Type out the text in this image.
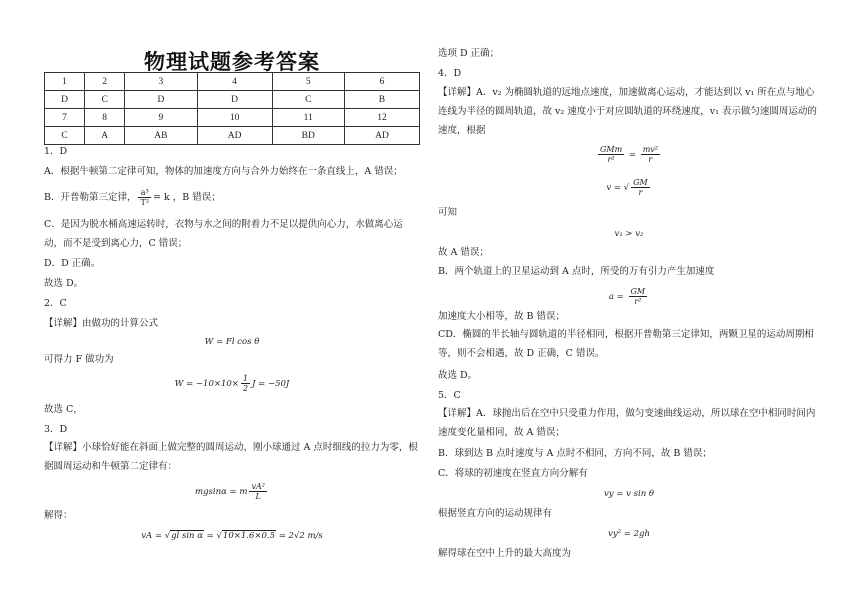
物理试题参考答案
1	2	3	4	5	6
D	C	D	D	C	B
7	8	9	10	11	12
C	A	AB	AD	BD	AD
1．D
A．根据牛顿第二定律可知，物体的加速度方向与合外力始终在一条直线上，A 错误；
B．开普勒第三定律， $\frac{\text{a³}}{\text{T²}} = k$ ，B 错误；
C．是因为脱水桶高速运转时，衣物与水之间的附着力不足以提供向心力，水做离心运动，而不是受到离心力，C 错误；
D．D 正确。
故选 D。
2．C
【详解】由做功的计算公式
W = Fl cos θ
可得力 F 做功为
$W = -10\times 10\times \frac{1}{2}$ J = −50J
故选 C，
3．D
【详解】小球恰好能在斜面上做完整的圆周运动，刚小球通过 A 点时细线的拉力为零，根据圆周运动和牛顿第二定律有：
mgsinα = m $\frac{\text{vA²}}{L}$
解得：
vA = √gl sin α = √10×1.6×0.5 = 2√2 m/s
选项 D 正确；
4．D
【详解】A．v₂ 为椭圆轨道的远地点速度，加速做离心运动，才能达到以 v₁ 所在点与地心连线为半径的圆周轨道，故 v₂ 速度小于对应圆轨道的环绕速度，v₁ 表示做匀速圆周运动的速度，根据
$\frac{\text{GMm}}{\text{r²}} = \frac{\text{mv²}}{r}$
v = √ $\frac{GM}{r}$
可知
v₁ > v₂
故 A 错误；
B．两个轨道上的卫星运动到 A 点时，所受的万有引力产生加速度
$a = \frac{GM}{\text{r²}}$
加速度大小相等，故 B 错误；
CD．椭圆的半长轴与圆轨道的半径相同，根据开普勒第三定律知，两颗卫星的运动周期相等，则不会相遇，故 D 正确，C 错误。
故选 D。
5．C
【详解】A．球抛出后在空中只受重力作用，做匀变速曲线运动，所以球在空中相同时间内速度变化量相同，故 A 错误；
B．球到达 B 点时速度与 A 点时不相同，方向不同，故 B 错误；
C．将球的初速度在竖直方向分解有
vy = v sin θ
根据竖直方向的运动规律有
vy² = 2gh
解得球在空中上升的最大高度为
